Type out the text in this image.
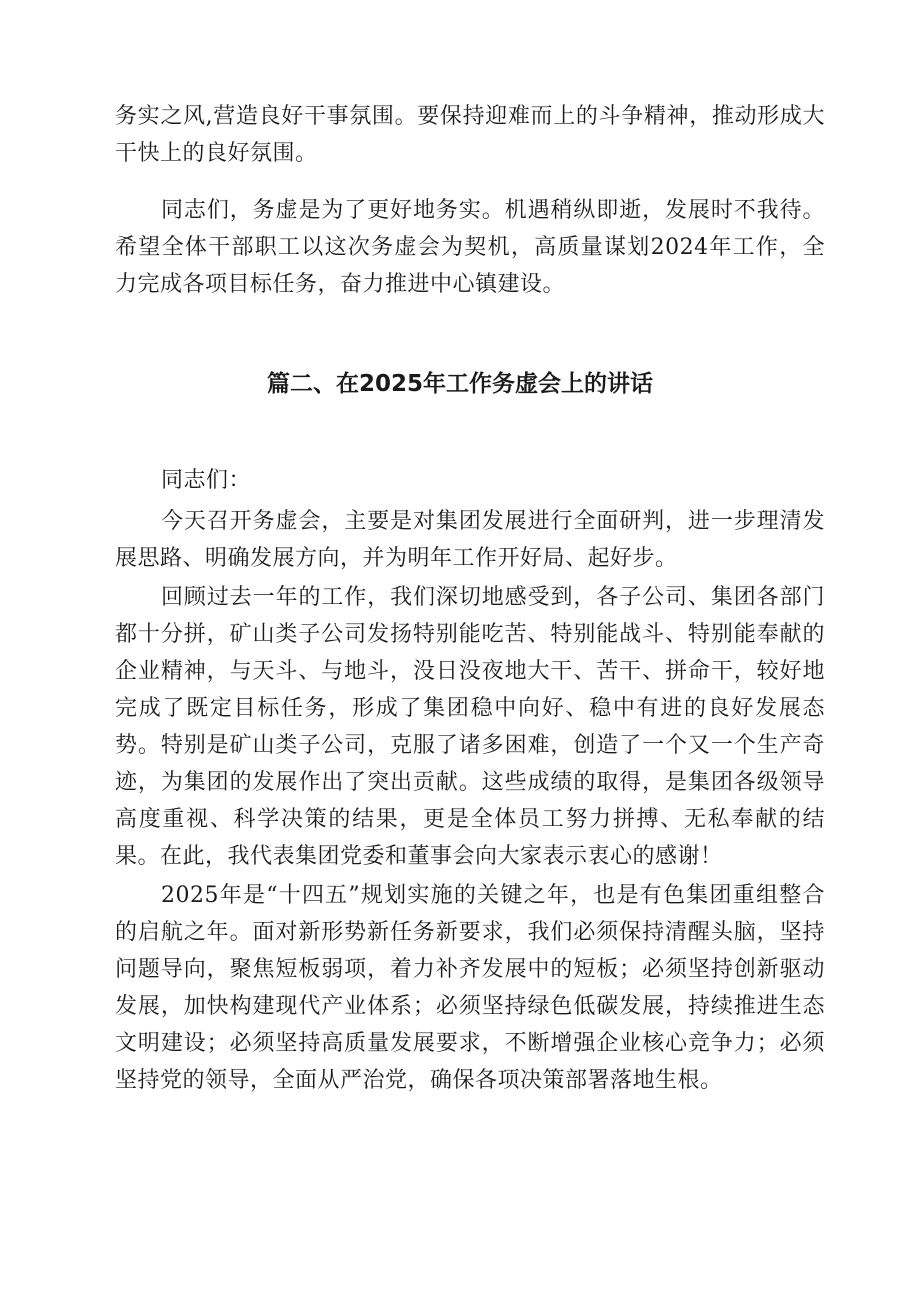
务实之风,营造良好干事氛围。要保持迎难而上的斗争精神，推动形成大干快上的良好氛围。

同志们，务虚是为了更好地务实。机遇稍纵即逝，发展时不我待。希望全体干部职工以这次务虚会为契机，高质量谋划2024年工作，全力完成各项目标任务，奋力推进中心镇建设。

篇二、在2025年工作务虚会上的讲话

同志们：

今天召开务虚会，主要是对集团发展进行全面研判，进一步理清发展思路、明确发展方向，并为明年工作开好局、起好步。

回顾过去一年的工作，我们深切地感受到，各子公司、集团各部门都十分拼，矿山类子公司发扬特别能吃苦、特别能战斗、特别能奉献的企业精神，与天斗、与地斗，没日没夜地大干、苦干、拼命干，较好地完成了既定目标任务，形成了集团稳中向好、稳中有进的良好发展态势。特别是矿山类子公司，克服了诸多困难，创造了一个又一个生产奇迹，为集团的发展作出了突出贡献。这些成绩的取得，是集团各级领导高度重视、科学决策的结果，更是全体员工努力拼搏、无私奉献的结果。在此，我代表集团党委和董事会向大家表示衷心的感谢！

2025年是“十四五”规划实施的关键之年，也是有色集团重组整合的启航之年。面对新形势新任务新要求，我们必须保持清醒头脑，坚持问题导向，聚焦短板弱项，着力补齐发展中的短板；必须坚持创新驱动发展，加快构建现代产业体系；必须坚持绿色低碳发展，持续推进生态文明建设；必须坚持高质量发展要求，不断增强企业核心竞争力；必须坚持党的领导，全面从严治党，确保各项决策部署落地生根。
